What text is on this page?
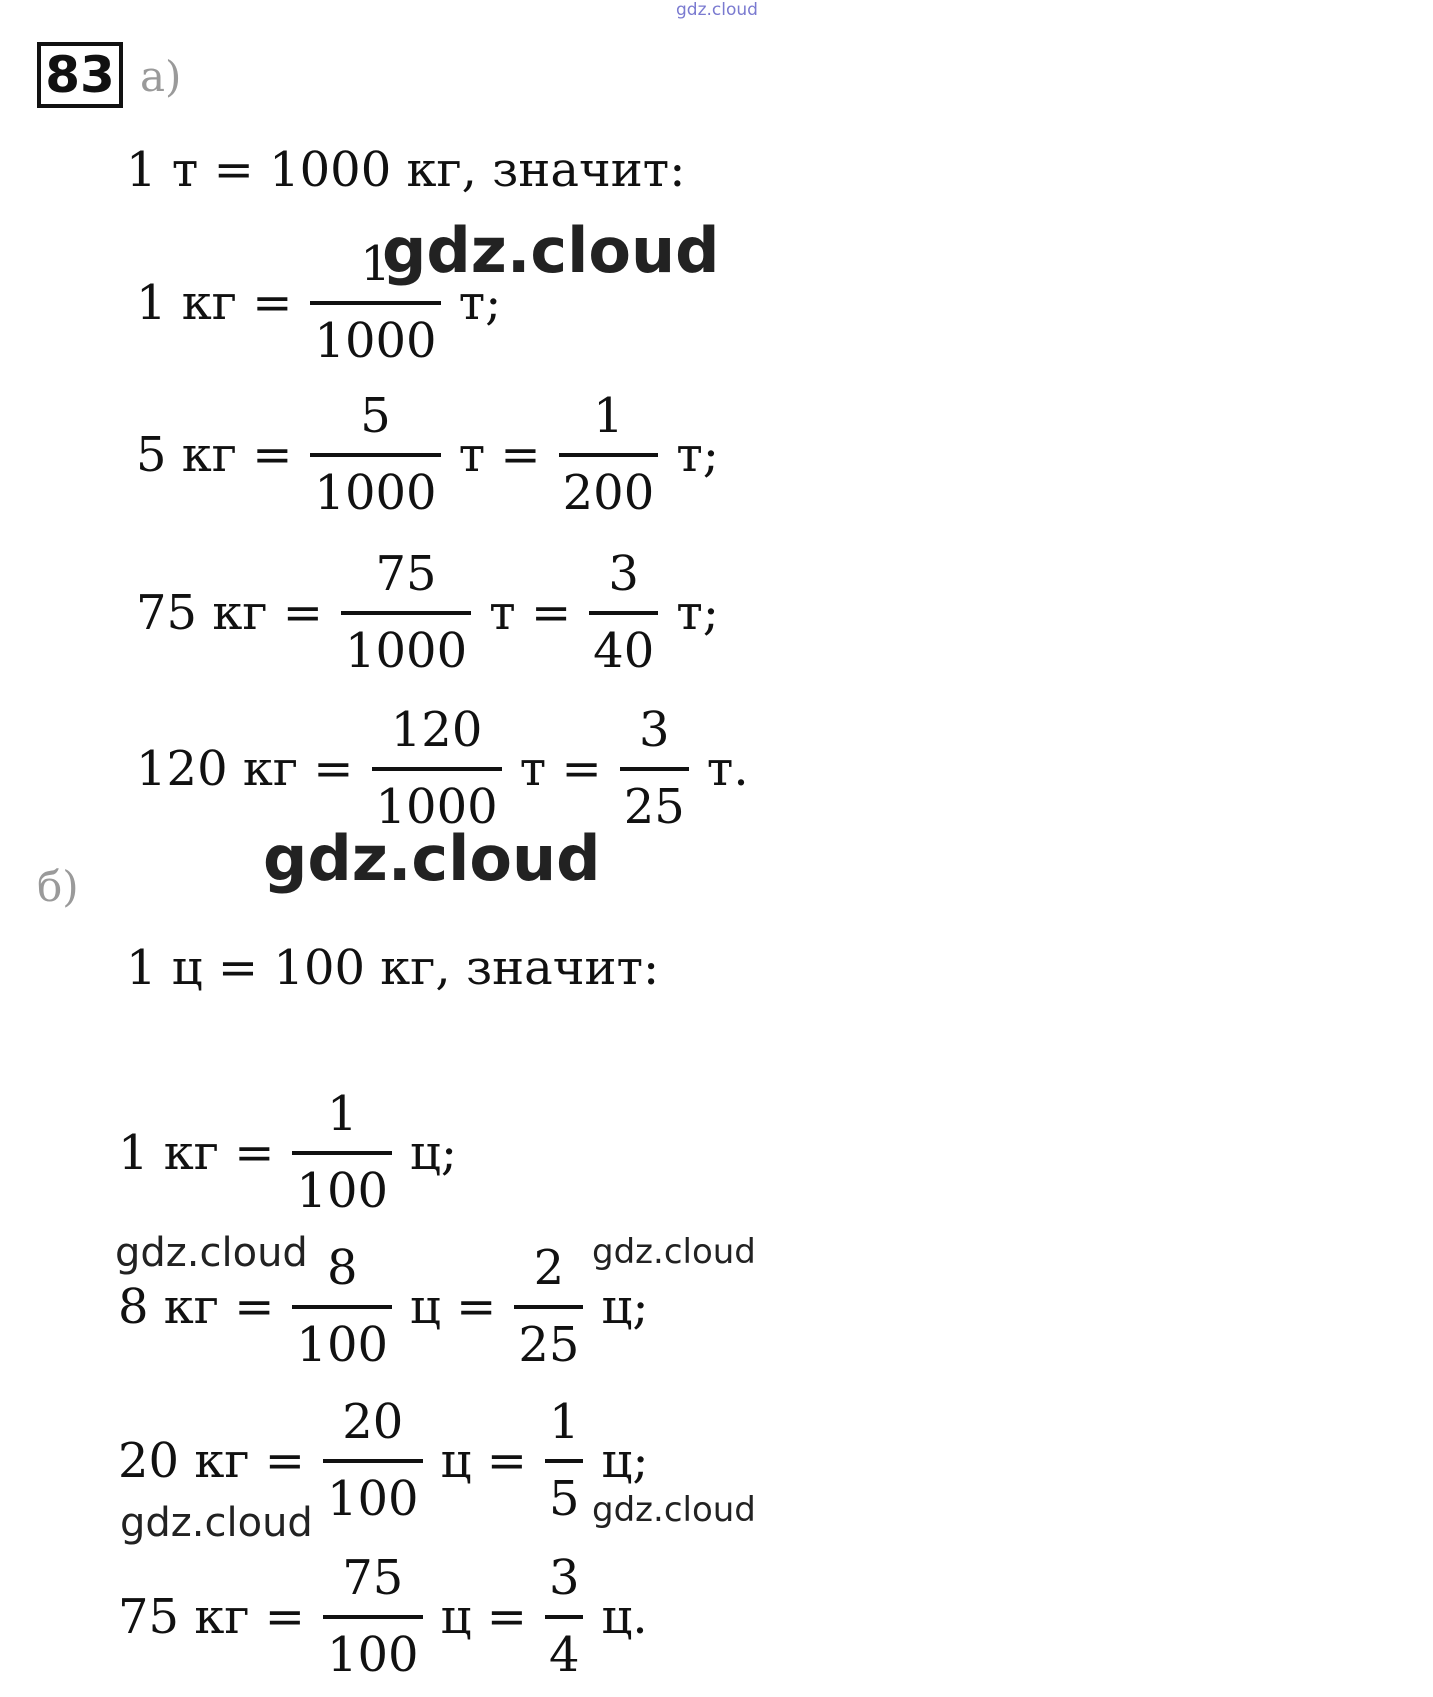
gdz.cloud
83 а)
1 т = 1000 кг, значит:
1 кг = $\frac{1}{1000} т$;
gdz.cloud
5 кг = $\frac{5}{1000}$ $т = \frac{1}{200} т$;
75 кг = $\frac{75}{1000}$ $т = \frac{3}{40} т$;
120 кг = $\frac{120}{1000}$ $т = \frac{3}{25} т$.
gdz.cloud
б)
1 ц = 100 кг, значит:
1 кг = $\frac{1}{100} ц$;
8 кг = $\frac{8}{100}$ $ц = \frac{2}{25} ц$;
gdz.cloud	gdz.cloud
20 кг = $\frac{20}{100}$ $ц = \frac{1}{5} ц$;
gdz.cloud
gdz.cloud
75 кг = $\frac{75}{100}$ $ц = \frac{3}{4} ц$.
